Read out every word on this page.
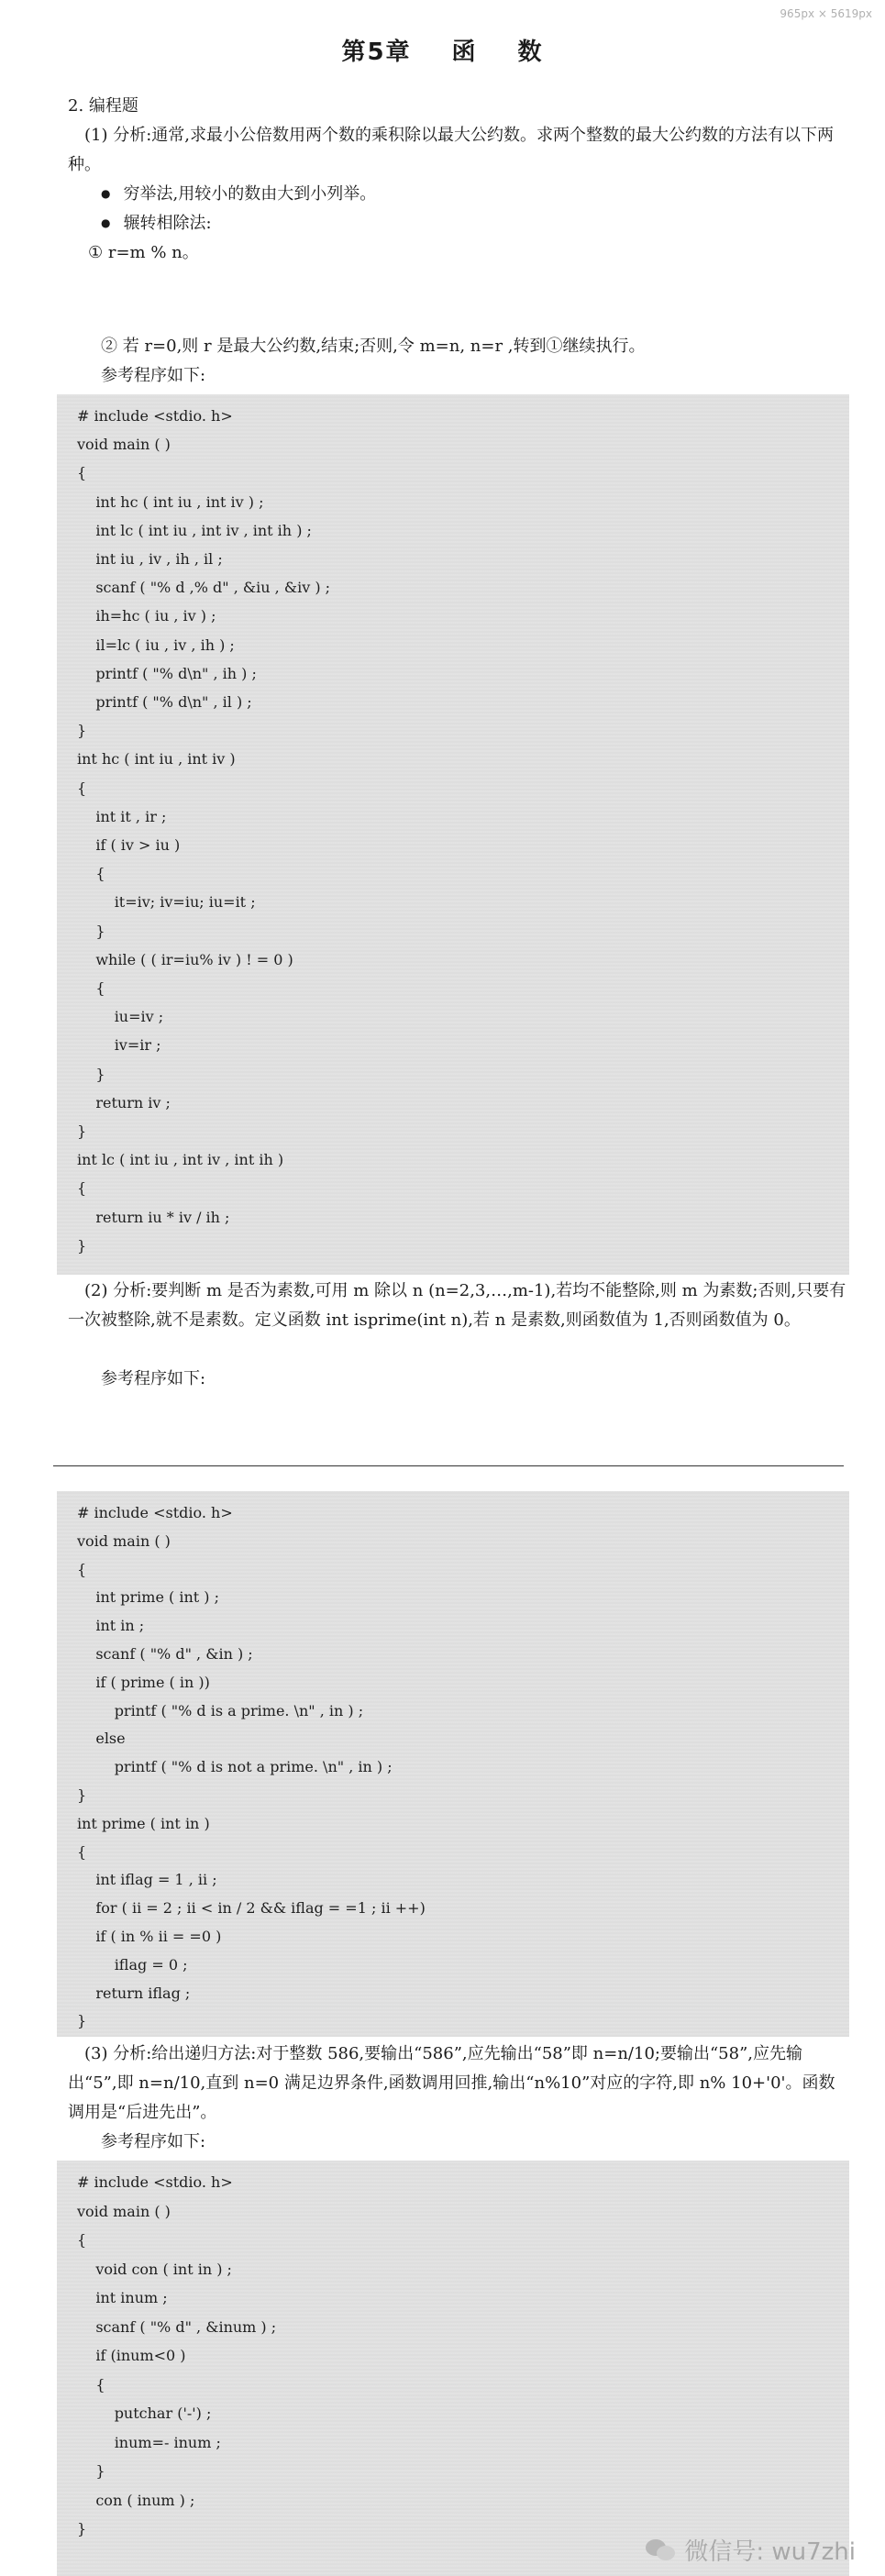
965px × 5619px
第5章 函 数
2. 编程题
(1) 分析:通常,求最小公倍数用两个数的乘积除以最大公约数。求两个整数的最大公约数的方法有以下两种。
● 穷举法,用较小的数由大到小列举。
● 辗转相除法:
① r=m % n。
② 若 r=0,则 r 是最大公约数,结束;否则,令 m=n, n=r ,转到①继续执行。
参考程序如下:
# include <stdio. h>
void main ( )
{
int hc ( int iu , int iv ) ;
int lc ( int iu , int iv , int ih ) ;
int iu , iv , ih , il ;
scanf ( "% d ,% d" , &iu , &iv ) ;
ih=hc ( iu , iv ) ;
il=lc ( iu , iv , ih ) ;
printf ( "% d\n" , ih ) ;
printf ( "% d\n" , il ) ;
}
int hc ( int iu , int iv )
{
int it , ir ;
if ( iv > iu )
{
it=iv; iv=iu; iu=it ;
}
while ( ( ir=iu% iv ) ! = 0 )
{
iu=iv ;
iv=ir ;
}
return iv ;
}
int lc ( int iu , int iv , int ih )
{
return iu * iv / ih ;
}
(2) 分析:要判断 m 是否为素数,可用 m 除以 n (n=2,3,…,m-1),若均不能整除,则 m 为素数;否则,只要有一次被整除,就不是素数。定义函数 int isprime(int n),若 n 是素数,则函数值为 1,否则函数值为 0。
参考程序如下:
# include <stdio. h>
void main ( )
{
int prime ( int ) ;
int in ;
scanf ( "% d" , &in ) ;
if ( prime ( in ))
printf ( "% d is a prime. \n" , in ) ;
else
printf ( "% d is not a prime. \n" , in ) ;
}
int prime ( int in )
{
int iflag = 1 , ii ;
for ( ii = 2 ; ii < in / 2 && iflag = =1 ; ii ++)
if ( in % ii = =0 )
iflag = 0 ;
return iflag ;
}
(3) 分析:给出递归方法:对于整数 586,要输出“586”,应先输出“58”即 n=n/10;要输出“58”,应先输出“5”,即 n=n/10,直到 n=0 满足边界条件,函数调用回推,输出“n%10”对应的字符,即 n% 10+'0'。函数调用是“后进先出”。
参考程序如下:
# include <stdio. h>
void main ( )
{
void con ( int in ) ;
int inum ;
scanf ( "% d" , &inum ) ;
if (inum<0 )
{
putchar ('-') ;
inum=- inum ;
}
con ( inum ) ;
}
微信号: wu7zhi
